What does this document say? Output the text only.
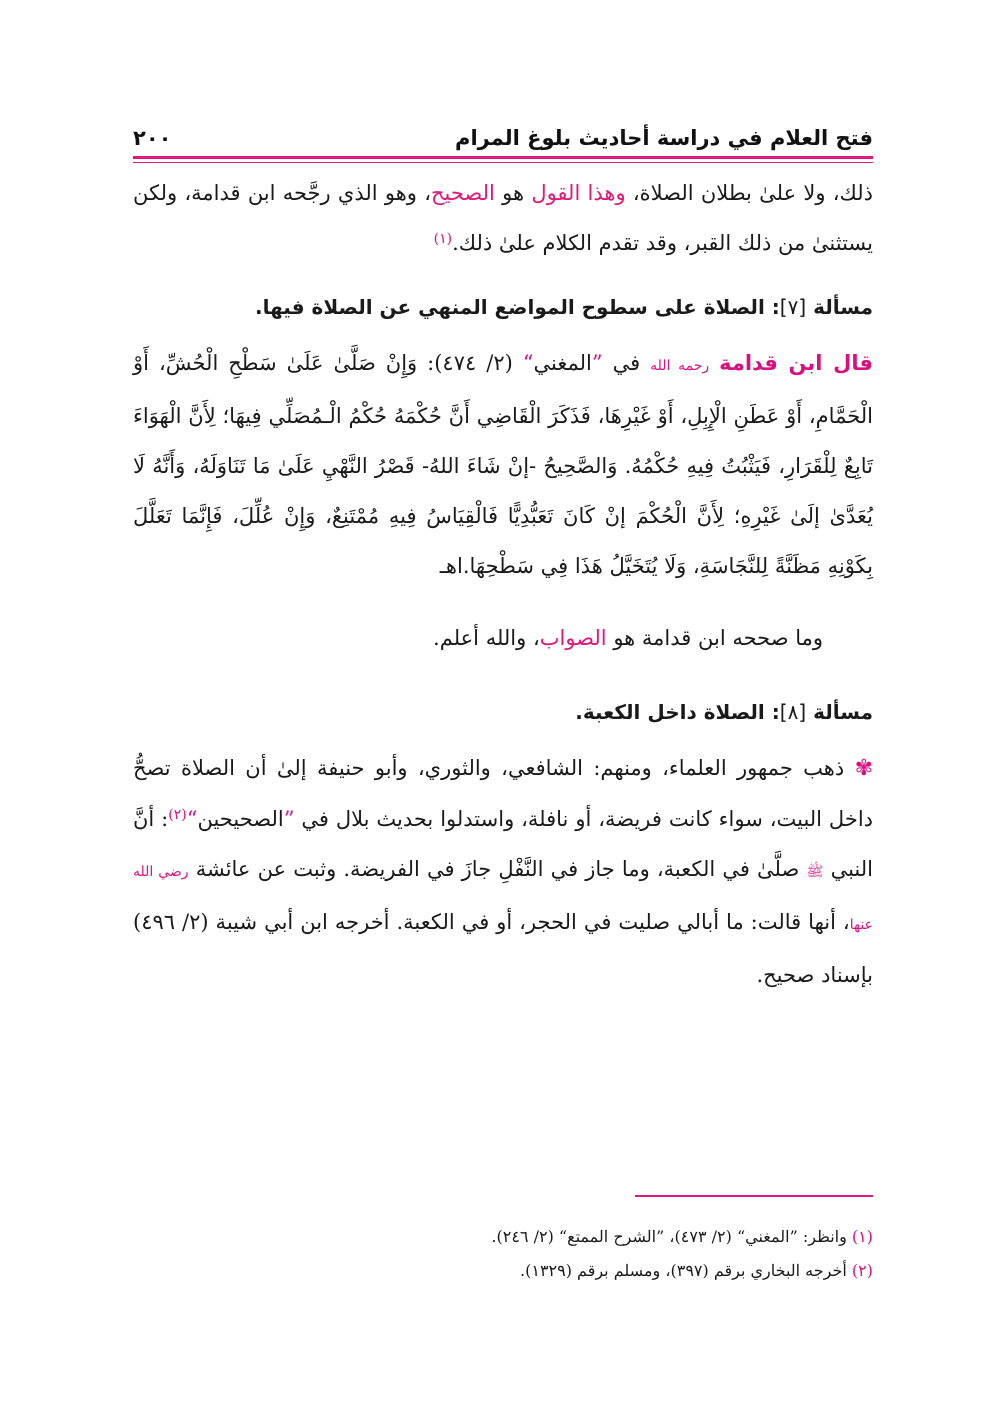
فتح العلام في دراسة أحاديث بلوغ المرام
٢٠٠

ذلك، ولا علىٰ بطلان الصلاة، وهذا القول هو الصحيح، وهو الذي رجَّحه ابن قدامة، ولكن يستثنىٰ من ذلك القبر، وقد تقدم الكلام علىٰ ذلك.$^{(١)}$

مسألة [٧]: الصلاة على سطوح المواضع المنهي عن الصلاة فيها.

قال ابن قدامة رحمه الله في ”المغني“ (٢/ ٤٧٤): وَإِنْ صَلَّىٰ عَلَىٰ سَطْحِ الْحُشِّ، أَوْ الْحَمَّامِ، أَوْ عَطَنِ الْإِبِلِ، أَوْ غَيْرِهَا، فَذَكَرَ الْقَاضِي أَنَّ حُكْمَهُ حُكْمُ الْـمُصَلِّي فِيهَا؛ لِأَنَّ الْهَوَاءَ تَابِعٌ لِلْقَرَارِ، فَيَثْبُتُ فِيهِ حُكْمُهُ. وَالصَّحِيحُ -إنْ شَاءَ اللهُ- قَصْرُ النَّهْيِ عَلَىٰ مَا تَنَاوَلَهُ، وَأَنَّهُ لَا يُعَدَّىٰ إلَىٰ غَيْرِهِ؛ لِأَنَّ الْحُكْمَ إنْ كَانَ تَعَبُّدِيًّا فَالْقِيَاسُ فِيهِ مُمْتَنِعٌ، وَإِنْ عُلِّلَ، فَإِنَّمَا تَعَلَّلَ بِكَوْنِهِ مَظَنَّةً لِلنَّجَاسَةِ، وَلَا يُتَخَيَّلُ هَذَا فِي سَطْحِهَا.اهـ

وما صححه ابن قدامة هو الصواب، والله أعلم.

مسألة [٨]: الصلاة داخل الكعبة.

✾ ذهب جمهور العلماء، ومنهم: الشافعي، والثوري، وأبو حنيفة إلىٰ أن الصلاة تصحُّ داخل البيت، سواء كانت فريضة، أو نافلة، واستدلوا بحديث بلال في ”الصحيحين“$^{(٢)}$: أنَّ النبي ﷺ صلَّىٰ في الكعبة، وما جاز في النَّفْلِ جازَ في الفريضة. وثبت عن عائشة رضي الله عنها، أنها قالت: ما أبالي صليت في الحجر، أو في الكعبة. أخرجه ابن أبي شيبة (٢/ ٤٩٦) بإسناد صحيح.

(١) وانظر: ”المغني“ (٢/ ٤٧٣)، ”الشرح الممتع“ (٢/ ٢٤٦).

(٢) أخرجه البخاري برقم (٣٩٧)، ومسلم برقم (١٣٢٩).
